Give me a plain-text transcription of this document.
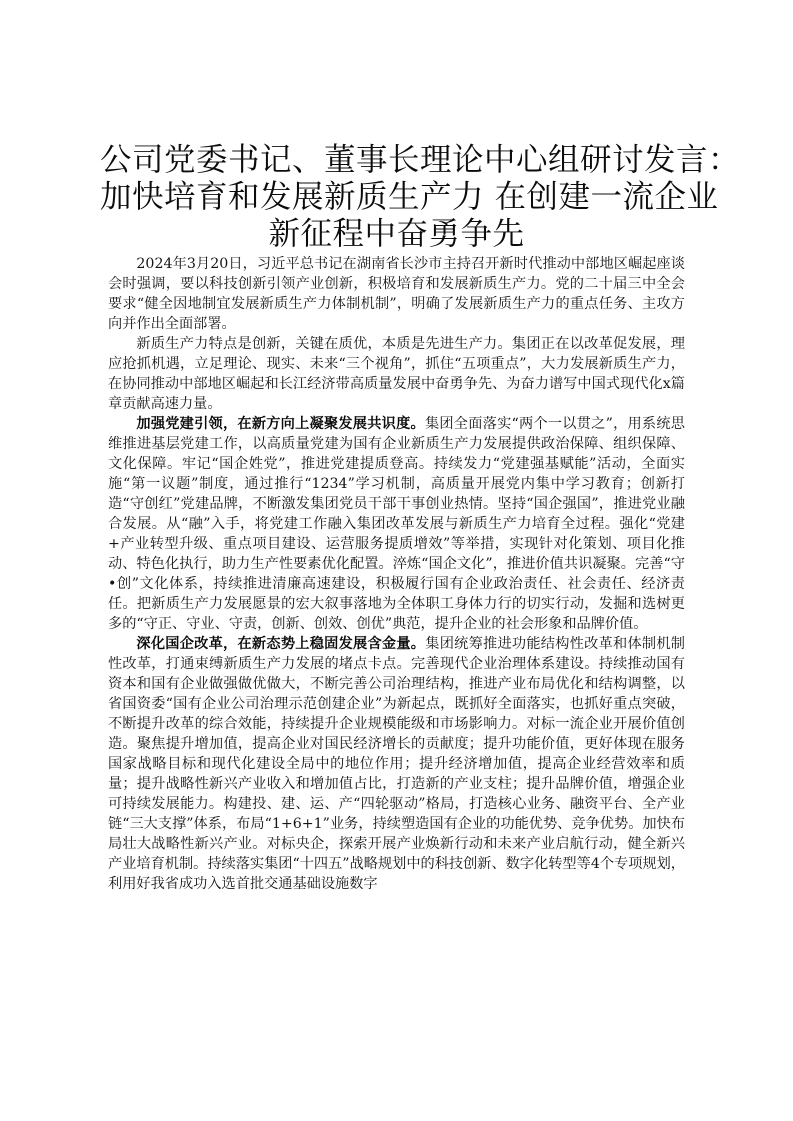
公司党委书记、董事长理论中心组研讨发言：
加快培育和发展新质生产力 在创建一流企业
新征程中奋勇争先

2024年3月20日，习近平总书记在湖南省长沙市主持召开新时代推动中部地区崛起座谈会时强调，要以科技创新引领产业创新，积极培育和发展新质生产力。党的二十届三中全会要求“健全因地制宜发展新质生产力体制机制”，明确了发展新质生产力的重点任务、主攻方向并作出全面部署。

新质生产力特点是创新，关键在质优，本质是先进生产力。集团正在以改革促发展，理应抢抓机遇，立足理论、现实、未来“三个视角”，抓住“五项重点”，大力发展新质生产力，在协同推动中部地区崛起和长江经济带高质量发展中奋勇争先、为奋力谱写中国式现代化x篇章贡献高速力量。

加强党建引领，在新方向上凝聚发展共识度。集团全面落实“两个一以贯之”，用系统思维推进基层党建工作，以高质量党建为国有企业新质生产力发展提供政治保障、组织保障、文化保障。牢记“国企姓党”，推进党建提质登高。持续发力“党建强基赋能”活动，全面实施“第一议题”制度，通过推行“1234”学习机制，高质量开展党内集中学习教育；创新打造“守创红”党建品牌，不断激发集团党员干部干事创业热情。坚持“国企强国”，推进党业融合发展。从“融”入手，将党建工作融入集团改革发展与新质生产力培育全过程。强化“党建+产业转型升级、重点项目建设、运营服务提质增效”等举措，实现针对化策划、项目化推动、特色化执行，助力生产性要素优化配置。淬炼“国企文化”，推进价值共识凝聚。完善“守•创”文化体系，持续推进清廉高速建设，积极履行国有企业政治责任、社会责任、经济责任。把新质生产力发展愿景的宏大叙事落地为全体职工身体力行的切实行动，发掘和选树更多的“守正、守业、守责，创新、创效、创优”典范，提升企业的社会形象和品牌价值。

深化国企改革，在新态势上稳固发展含金量。集团统筹推进功能结构性改革和体制机制性改革，打通束缚新质生产力发展的堵点卡点。完善现代企业治理体系建设。持续推动国有资本和国有企业做强做优做大，不断完善公司治理结构，推进产业布局优化和结构调整，以省国资委“国有企业公司治理示范创建企业”为新起点，既抓好全面落实，也抓好重点突破，不断提升改革的综合效能，持续提升企业规模能级和市场影响力。对标一流企业开展价值创造。聚焦提升增加值，提高企业对国民经济增长的贡献度；提升功能价值，更好体现在服务国家战略目标和现代化建设全局中的地位作用；提升经济增加值，提高企业经营效率和质量；提升战略性新兴产业收入和增加值占比，打造新的产业支柱；提升品牌价值，增强企业可持续发展能力。构建投、建、运、产“四轮驱动”格局，打造核心业务、融资平台、全产业链“三大支撑”体系，布局“1+6+1”业务，持续塑造国有企业的功能优势、竞争优势。加快布局壮大战略性新兴产业。对标央企，探索开展产业焕新行动和未来产业启航行动，健全新兴产业培育机制。持续落实集团“十四五”战略规划中的科技创新、数字化转型等4个专项规划，利用好我省成功入选首批交通基础设施数字
